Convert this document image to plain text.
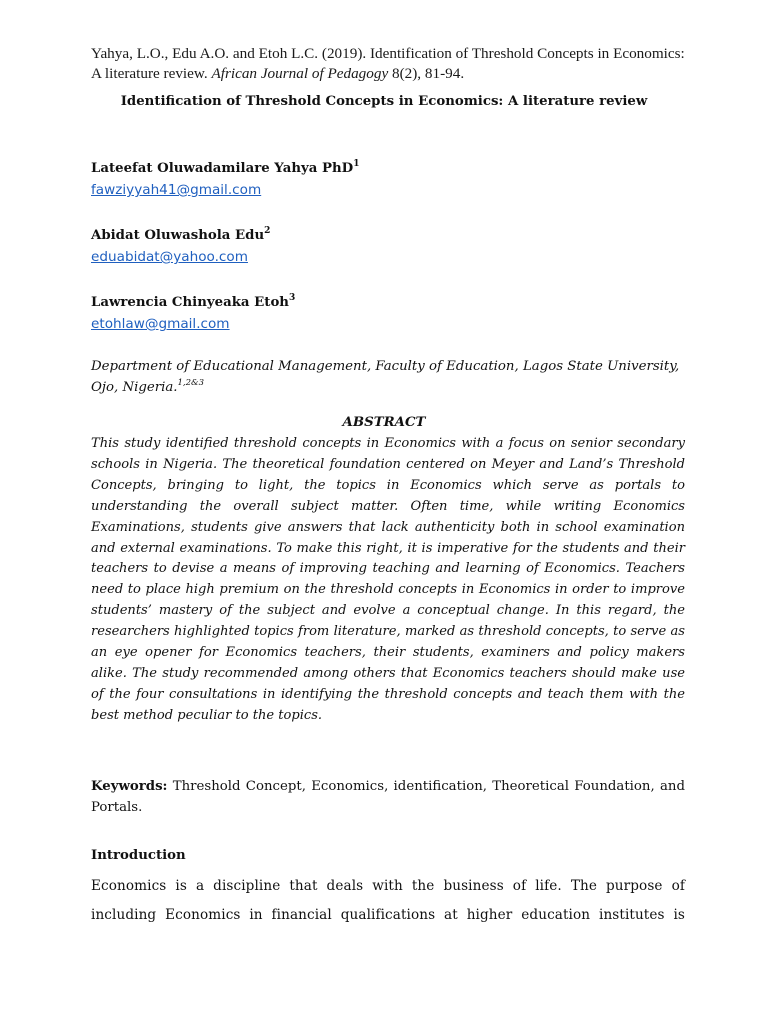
Yahya, L.O., Edu A.O. and Etoh L.C. (2019). Identification of Threshold Concepts in Economics: A literature review. African Journal of Pedagogy 8(2), 81-94.
Identification of Threshold Concepts in Economics: A literature review
Lateefat Oluwadamilare Yahya PhD$^1$
fawziyyah41@gmail.com
Abidat Oluwashola Edu$^2$
eduabidat@yahoo.com
Lawrencia Chinyeaka Etoh$^3$
etohlaw@gmail.com
Department of Educational Management, Faculty of Education, Lagos State University, Ojo, Nigeria.$^{1,2\&3}$
ABSTRACT

This study identified threshold concepts in Economics with a focus on senior secondary schools in Nigeria. The theoretical foundation centered on Meyer and Land’s Threshold Concepts, bringing to light, the topics in Economics which serve as portals to understanding the overall subject matter. Often time, while writing Economics Examinations, students give answers that lack authenticity both in school examination and external examinations. To make this right, it is imperative for the students and their teachers to devise a means of improving teaching and learning of Economics. Teachers need to place high premium on the threshold concepts in Economics in order to improve students’ mastery of the subject and evolve a conceptual change. In this regard, the researchers highlighted topics from literature, marked as threshold concepts, to serve as an eye opener for Economics teachers, their students, examiners and policy makers alike. The study recommended among others that Economics teachers should make use of the four consultations in identifying the threshold concepts and teach them with the best method peculiar to the topics.

Keywords: Threshold Concept, Economics, identification, Theoretical Foundation, and Portals.

Introduction

Economics is a discipline that deals with the business of life. The purpose of including Economics in financial qualifications at higher education institutes is
